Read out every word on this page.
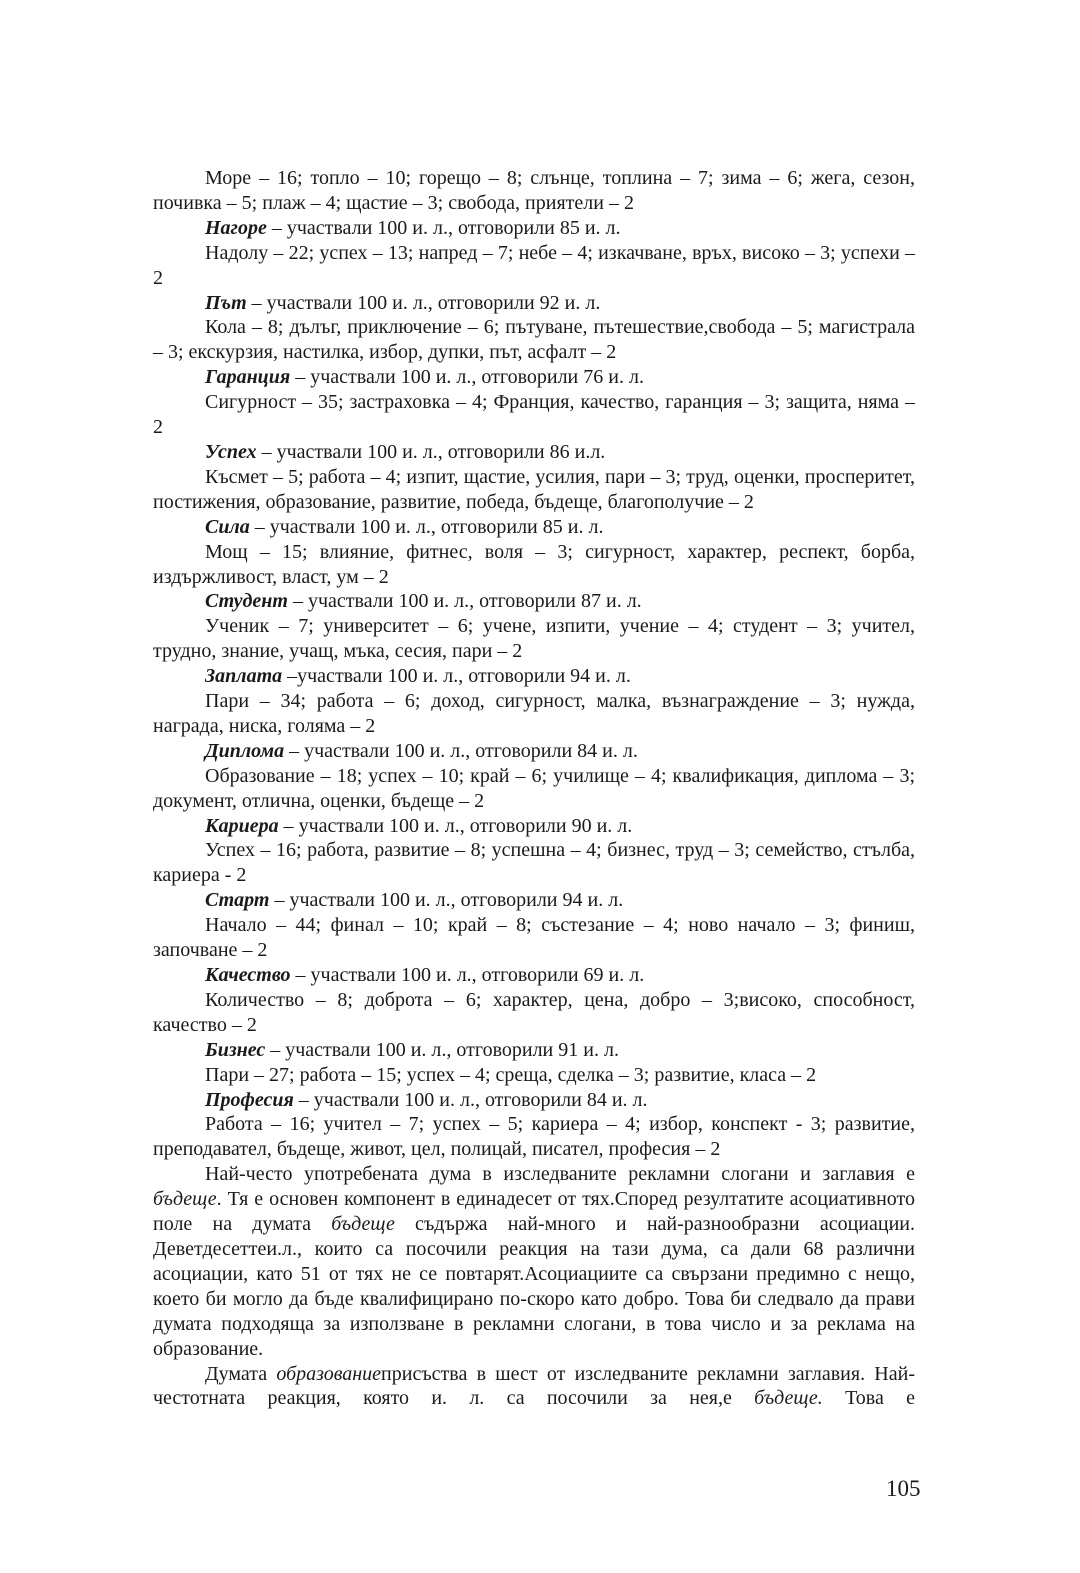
Море – 16; топло – 10; горещо – 8; слънце, топлина – 7; зима – 6; жега, сезон, почивка – 5; плаж – 4; щастие – 3; свобода, приятели – 2

Нагоре – участвали 100 и. л., отговорили 85 и. л.

Надолу – 22; успех – 13; напред – 7; небе – 4; изкачване, връх, високо – 3; успехи – 2

Път – участвали 100 и. л., отговорили 92 и. л.

Кола – 8; дълъг, приключение – 6; пътуване, пътешествие,свобода – 5; магистрала – 3; екскурзия, настилка, избор, дупки, път, асфалт – 2

Гаранция – участвали 100 и. л., отговорили 76 и. л.

Сигурност – 35; застраховка – 4; Франция, качество, гаранция – 3; защита, няма – 2

Успех – участвали 100 и. л., отговорили 86 и.л.

Късмет – 5; работа – 4; изпит, щастие, усилия, пари – 3; труд, оценки, просперитет, постижения, образование, развитие, победа, бъдеще, благополучие – 2

Сила – участвали 100 и. л., отговорили 85 и. л.

Мощ – 15; влияние, фитнес, воля – 3; сигурност, характер, респект, борба, издържливост, власт, ум – 2

Студент – участвали 100 и. л., отговорили 87 и. л.

Ученик – 7; университет – 6; учене, изпити, учение – 4; студент – 3; учител, трудно, знание, учащ, мъка, сесия, пари – 2

Заплата –участвали 100 и. л., отговорили 94 и. л.

Пари – 34; работа – 6; доход, сигурност, малка, възнаграждение – 3; нужда, награда, ниска, голяма – 2

Диплома – участвали 100 и. л., отговорили 84 и. л.

Образование – 18; успех – 10; край – 6; училище – 4; квалификация, диплома – 3; документ, отлична, оценки, бъдеще – 2

Кариера – участвали 100 и. л., отговорили 90 и. л.

Успех – 16; работа, развитие – 8; успешна – 4; бизнес, труд – 3; семейство, стълба, кариера - 2

Старт – участвали 100 и. л., отговорили 94 и. л.

Начало – 44; финал – 10; край – 8; състезание – 4; ново начало – 3; финиш, започване – 2

Качество – участвали 100 и. л., отговорили 69 и. л.

Количество – 8; доброта – 6; характер, цена, добро – 3;високо, способност, качество – 2

Бизнес – участвали 100 и. л., отговорили 91 и. л.

Пари – 27; работа – 15; успех – 4; среща, сделка – 3; развитие, класа – 2

Професия – участвали 100 и. л., отговорили 84 и. л.

Работа – 16; учител – 7; успех – 5; кариера – 4; избор, конспект - 3; развитие, преподавател, бъдеще, живот, цел, полицай, писател, професия – 2

Най-често употребената дума в изследваните рекламни слогани и заглавия е бъдеще. Тя е основен компонент в единадесет от тях.Според резултатите асоциативното поле на думата бъдеще съдържа най-много и най-разнообразни асоциации. Деветдесеттеи.л., които са посочили реакция на тази дума, са дали 68 различни асоциации, като 51 от тях не се повтарят.Асоциациите са свързани предимно с нещо, което би могло да бъде квалифицирано по-скоро като добро. Това би следвало да прави думата подходяща за използване в рекламни слогани, в това число и за реклама на образование.

Думата образованиеприсъства в шест от изследваните рекламни заглавия. Най-честотната реакция, която и. л. са посочили за нея,е бъдеще. Това е

105
